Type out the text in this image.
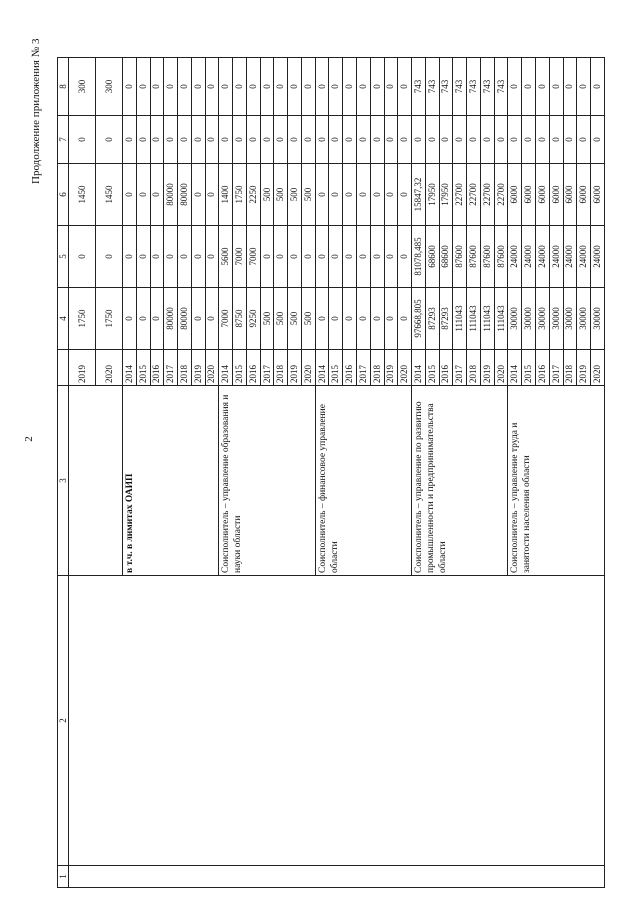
2
Продолжение приложения № 3
1	2	3		4	5	6	7	8
			2019	1750	0	1450	0	300
			2020	1750	0	1450	0	300
		в т.ч. в лимитах ОАИП	2014	0	0	0	0	0
			2015	0	0	0	0	0
			2016	0	0	0	0	0
			2017	80000	0	80000	0	0
			2018	80000	0	80000	0	0
			2019	0	0	0	0	0
			2020	0	0	0	0	0
		Соисполнитель – управление образования и науки области	2014	7000	5600	1400	0	0
			2015	8750	7000	1750	0	0
			2016	9250	7000	2250	0	0
			2017	500	0	500	0	0
			2018	500	0	500	0	0
			2019	500	0	500	0	0
			2020	500	0	500	0	0
		Соисполнитель – финансовое управление области	2014	0	0	0	0	0
			2015	0	0	0	0	0
			2016	0	0	0	0	0
			2017	0	0	0	0	0
			2018	0	0	0	0	0
			2019	0	0	0	0	0
			2020	0	0	0	0	0
		Соисполнитель – управление по развитию промышленности и предпринимательства области	2014	97668,805	81078,485	15847,32	0	743
			2015	87293	68600	17950	0	743
			2016	87293	68600	17950	0	743
			2017	111043	87600	22700	0	743
			2018	111043	87600	22700	0	743
			2019	111043	87600	22700	0	743
			2020	111043	87600	22700	0	743
		Соисполнитель – управление труда и занятости населения области	2014	30000	24000	6000	0	0
			2015	30000	24000	6000	0	0
			2016	30000	24000	6000	0	0
			2017	30000	24000	6000	0	0
			2018	30000	24000	6000	0	0
			2019	30000	24000	6000	0	0
			2020	30000	24000	6000	0	0
